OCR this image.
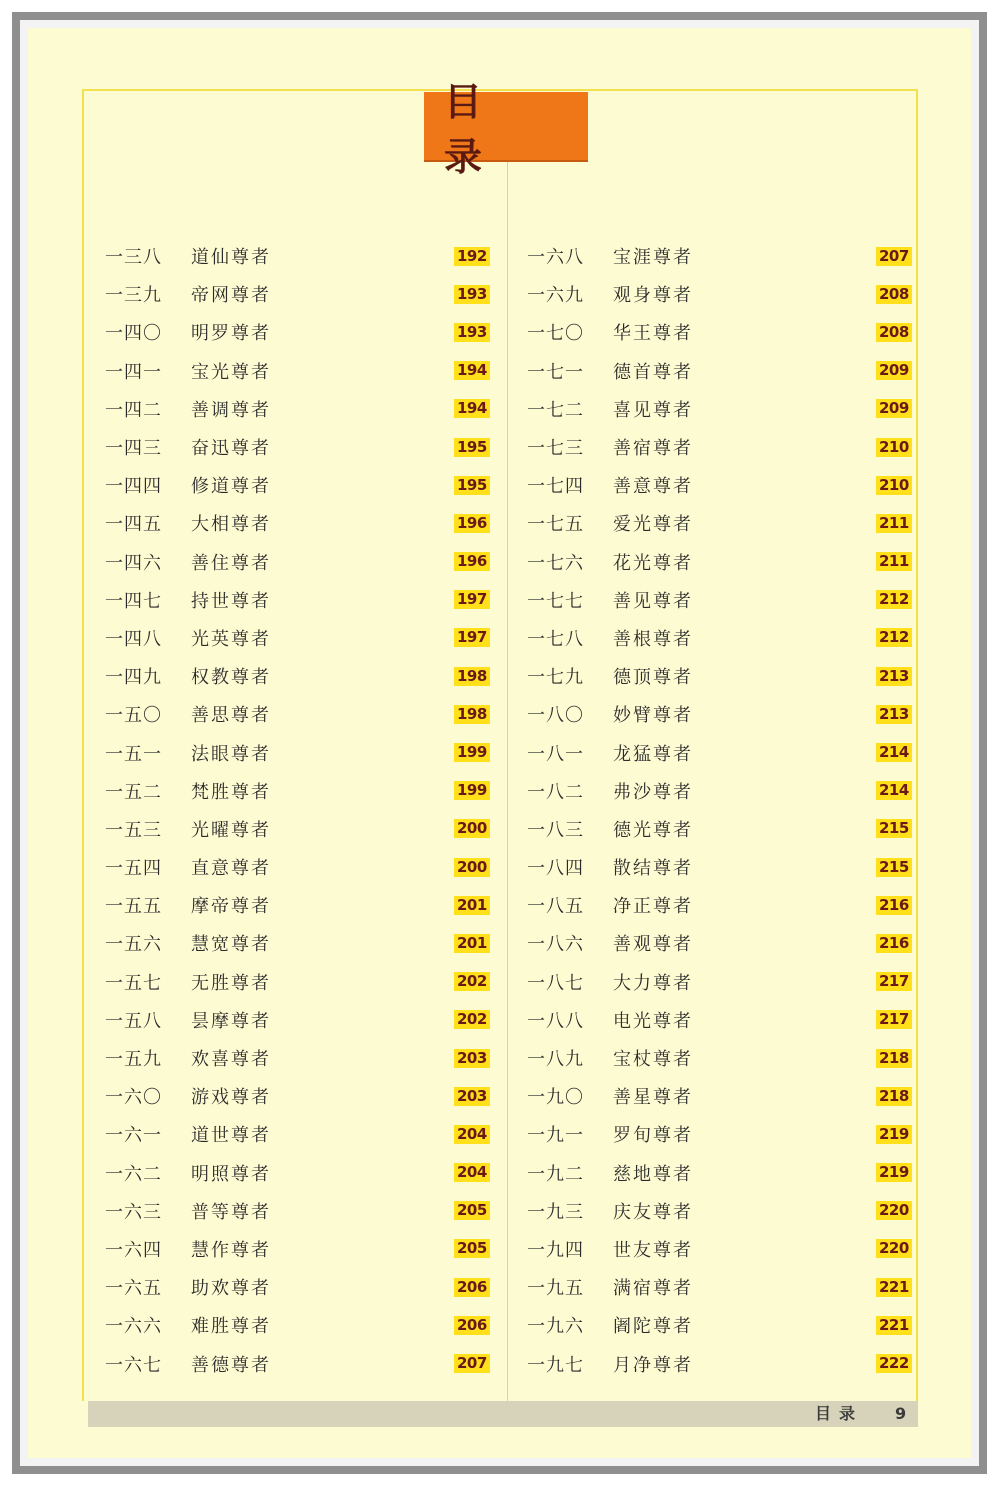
目 录
一三八	道仙尊者	192
一三九	帝网尊者	193
一四〇	明罗尊者	193
一四一	宝光尊者	194
一四二	善调尊者	194
一四三	奋迅尊者	195
一四四	修道尊者	195
一四五	大相尊者	196
一四六	善住尊者	196
一四七	持世尊者	197
一四八	光英尊者	197
一四九	权教尊者	198
一五〇	善思尊者	198
一五一	法眼尊者	199
一五二	梵胜尊者	199
一五三	光曜尊者	200
一五四	直意尊者	200
一五五	摩帝尊者	201
一五六	慧宽尊者	201
一五七	无胜尊者	202
一五八	昙摩尊者	202
一五九	欢喜尊者	203
一六〇	游戏尊者	203
一六一	道世尊者	204
一六二	明照尊者	204
一六三	普等尊者	205
一六四	慧作尊者	205
一六五	助欢尊者	206
一六六	难胜尊者	206
一六七	善德尊者	207
一六八	宝涯尊者	207
一六九	观身尊者	208
一七〇	华王尊者	208
一七一	德首尊者	209
一七二	喜见尊者	209
一七三	善宿尊者	210
一七四	善意尊者	210
一七五	爱光尊者	211
一七六	花光尊者	211
一七七	善见尊者	212
一七八	善根尊者	212
一七九	德顶尊者	213
一八〇	妙臂尊者	213
一八一	龙猛尊者	214
一八二	弗沙尊者	214
一八三	德光尊者	215
一八四	散结尊者	215
一八五	净正尊者	216
一八六	善观尊者	216
一八七	大力尊者	217
一八八	电光尊者	217
一八九	宝杖尊者	218
一九〇	善星尊者	218
一九一	罗旬尊者	219
一九二	慈地尊者	219
一九三	庆友尊者	220
一九四	世友尊者	220
一九五	满宿尊者	221
一九六	阇陀尊者	221
一九七	月净尊者	222
目录 9
